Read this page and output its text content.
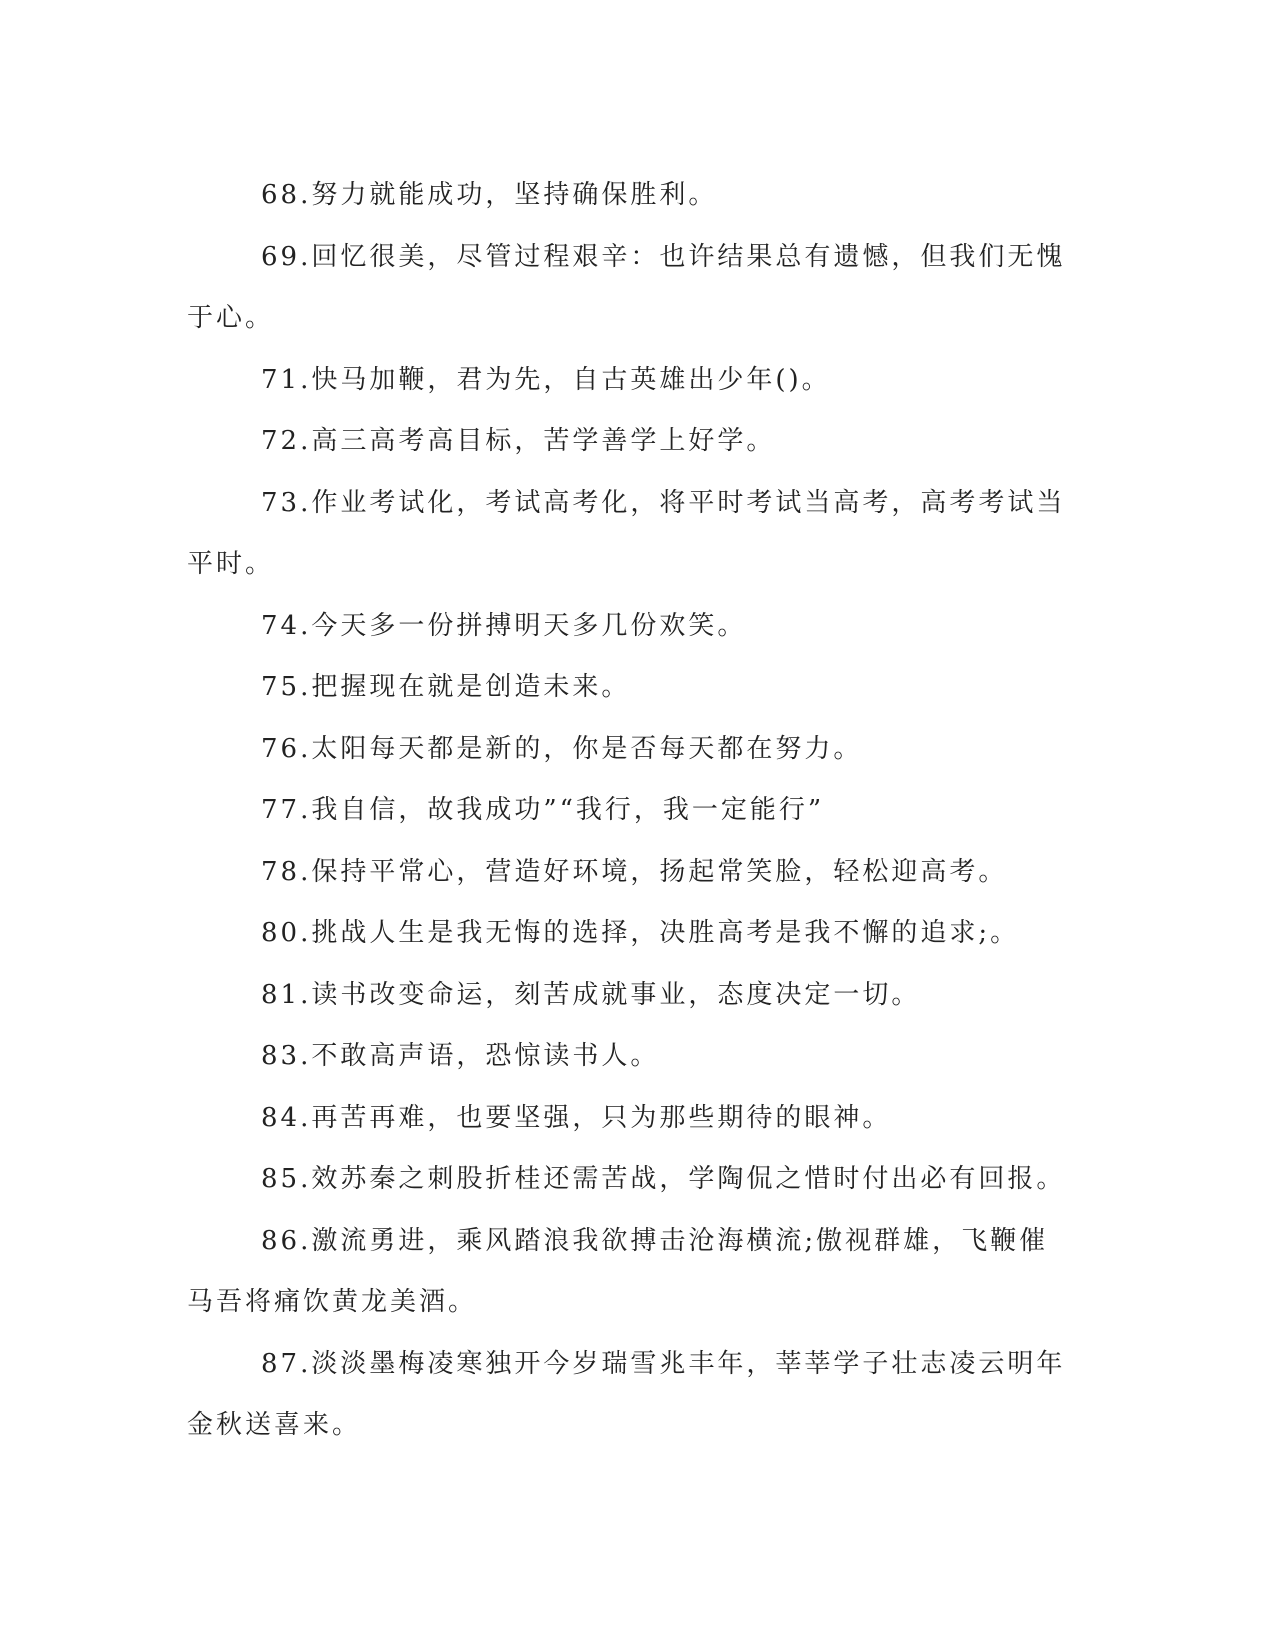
68.努力就能成功，坚持确保胜利。

69.回忆很美，尽管过程艰辛：也许结果总有遗憾，但我们无愧于心。

71.快马加鞭，君为先，自古英雄出少年()。

72.高三高考高目标，苦学善学上好学。

73.作业考试化，考试高考化，将平时考试当高考，高考考试当平时。

74.今天多一份拼搏明天多几份欢笑。

75.把握现在就是创造未来。

76.太阳每天都是新的，你是否每天都在努力。

77.我自信，故我成功”“我行，我一定能行”

78.保持平常心，营造好环境，扬起常笑脸，轻松迎高考。

80.挑战人生是我无悔的选择，决胜高考是我不懈的追求;。

81.读书改变命运，刻苦成就事业，态度决定一切。

83.不敢高声语，恐惊读书人。

84.再苦再难，也要坚强，只为那些期待的眼神。

85.效苏秦之刺股折桂还需苦战，学陶侃之惜时付出必有回报。

86.激流勇进，乘风踏浪我欲搏击沧海横流;傲视群雄，飞鞭催马吾将痛饮黄龙美酒。

87.淡淡墨梅凌寒独开今岁瑞雪兆丰年，莘莘学子壮志凌云明年金秋送喜来。
